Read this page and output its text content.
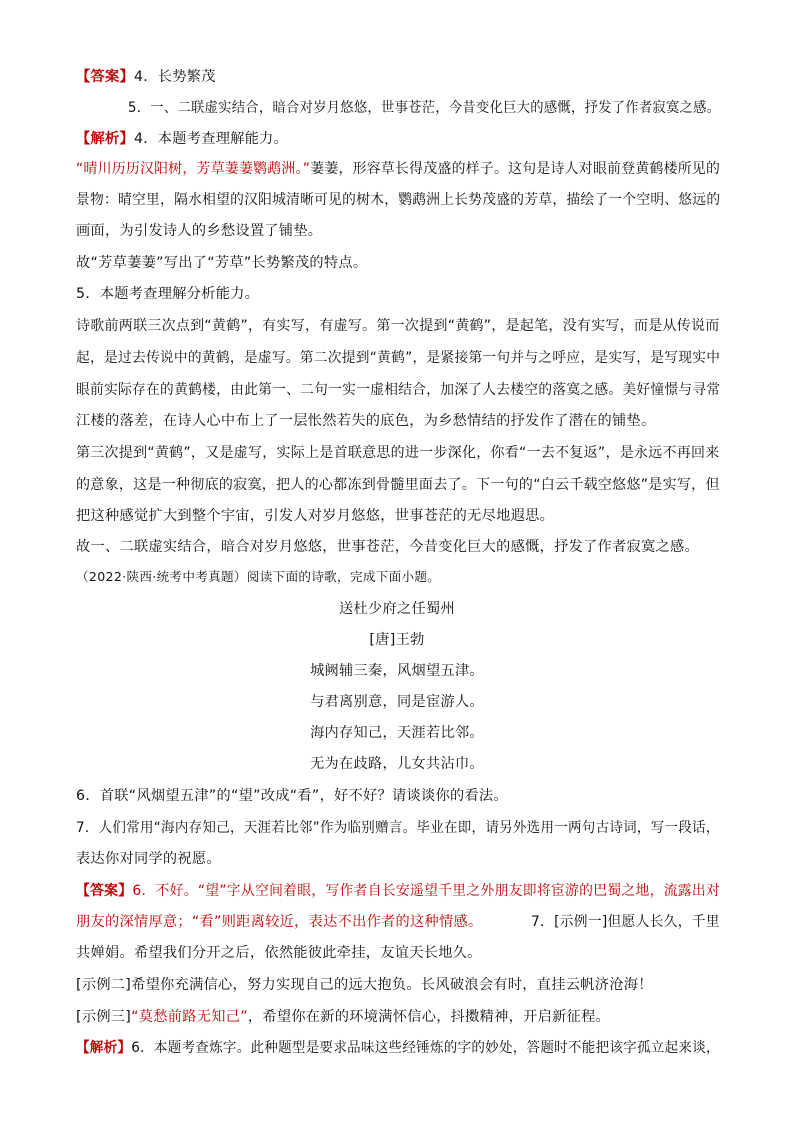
【答案】4．长势繁茂
5．一、二联虚实结合，暗合对岁月悠悠，世事苍茫，今昔变化巨大的感慨，抒发了作者寂寞之感。
【解析】4．本题考查理解能力。
“晴川历历汉阳树，芳草萋萋鹦鹉洲。”萋萋，形容草长得茂盛的样子。这句是诗人对眼前登黄鹤楼所见的
景物：晴空里，隔水相望的汉阳城清晰可见的树木，鹦鹉洲上长势茂盛的芳草，描绘了一个空明、悠远的
画面，为引发诗人的乡愁设置了铺垫。
故“芳草萋萋”写出了“芳草”长势繁茂的特点。
5．本题考查理解分析能力。
诗歌前两联三次点到“黄鹤”，有实写，有虚写。第一次提到“黄鹤”，是起笔，没有实写，而是从传说而
起，是过去传说中的黄鹤，是虚写。第二次提到“黄鹤”，是紧接第一句并与之呼应，是实写，是写现实中
眼前实际存在的黄鹤楼，由此第一、二句一实一虚相结合，加深了人去楼空的落寞之感。美好憧憬与寻常
江楼的落差，在诗人心中布上了一层怅然若失的底色，为乡愁情结的抒发作了潜在的铺垫。
第三次提到“黄鹤”，又是虚写，实际上是首联意思的进一步深化，你看“一去不复返”，是永远不再回来
的意象，这是一种彻底的寂寞，把人的心都冻到骨髓里面去了。下一句的“白云千载空悠悠”是实写，但
把这种感觉扩大到整个宇宙，引发人对岁月悠悠，世事苍茫的无尽地遐思。
故一、二联虚实结合，暗合对岁月悠悠，世事苍茫，今昔变化巨大的感慨，抒发了作者寂寞之感。
（2022·陕西·统考中考真题）阅读下面的诗歌，完成下面小题。
送杜少府之任蜀州
[唐]王勃
城阙辅三秦，风烟望五津。
与君离别意，同是宦游人。
海内存知己，天涯若比邻。
无为在歧路，儿女共沾巾。
6．首联“风烟望五津”的“望”改成“看”，好不好？请谈谈你的看法。
7．人们常用“海内存知己，天涯若比邻”作为临别赠言。毕业在即，请另外选用一两句古诗词，写一段话，
表达你对同学的祝愿。
【答案】6．不好。“望”字从空间着眼，写作者自长安遥望千里之外朋友即将宦游的巴蜀之地，流露出对
朋友的深情厚意；“看”则距离较近，表达不出作者的这种情感。	7．[示例一]但愿人长久，千里
共婵娟。希望我们分开之后，依然能彼此牵挂，友谊天长地久。
[示例二]希望你充满信心，努力实现自己的远大抱负。长风破浪会有时，直挂云帆济沧海！
[示例三]“莫愁前路无知己”，希望你在新的环境满怀信心，抖擞精神，开启新征程。
【解析】6．本题考查炼字。此种题型是要求品味这些经锤炼的字的妙处，答题时不能把该字孤立起来谈，
